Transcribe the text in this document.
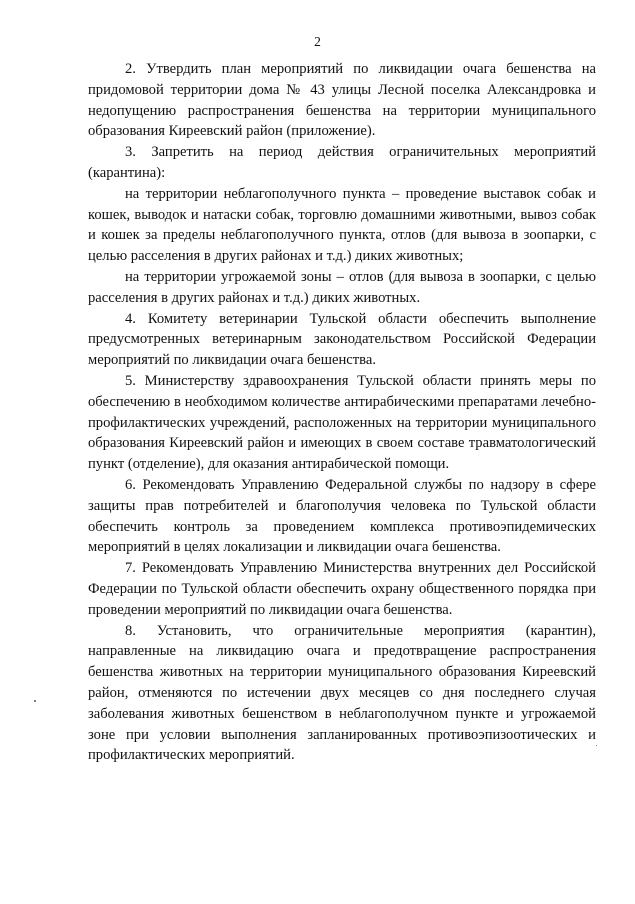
2

2. Утвердить план мероприятий по ликвидации очага бешенства на придомовой территории дома № 43 улицы Лесной поселка Александровка и недопущению распространения бешенства на территории муниципального образования Киреевский район (приложение).

3. Запретить на период действия ограничительных мероприятий (карантина):

на территории неблагополучного пункта – проведение выставок собак и кошек, выводок и натаски собак, торговлю домашними животными, вывоз собак и кошек за пределы неблагополучного пункта, отлов (для вывоза в зоопарки, с целью расселения в других районах и т.д.) диких животных;

на территории угрожаемой зоны – отлов (для вывоза в зоопарки, с целью расселения в других районах и т.д.) диких животных.

4. Комитету ветеринарии Тульской области обеспечить выполнение предусмотренных ветеринарным законодательством Российской Федерации мероприятий по ликвидации очага бешенства.

5. Министерству здравоохранения Тульской области принять меры по обеспечению в необходимом количестве антирабическими препаратами лечебно-профилактических учреждений, расположенных на территории муниципального образования Киреевский район и имеющих в своем составе травматологический пункт (отделение), для оказания антирабической помощи.

6. Рекомендовать Управлению Федеральной службы по надзору в сфере защиты прав потребителей и благополучия человека по Тульской области обеспечить контроль за проведением комплекса противоэпидемических мероприятий в целях локализации и ликвидации очага бешенства.

7. Рекомендовать Управлению Министерства внутренних дел Российской Федерации по Тульской области обеспечить охрану общественного порядка при проведении мероприятий по ликвидации очага бешенства.

8. Установить, что ограничительные мероприятия (карантин), направленные на ликвидацию очага и предотвращение распространения бешенства животных на территории муниципального образования Киреевский район, отменяются по истечении двух месяцев со дня последнего случая заболевания животных бешенством в неблагополучном пункте и угрожаемой зоне при условии выполнения запланированных противоэпизоотических и профилактических мероприятий.
